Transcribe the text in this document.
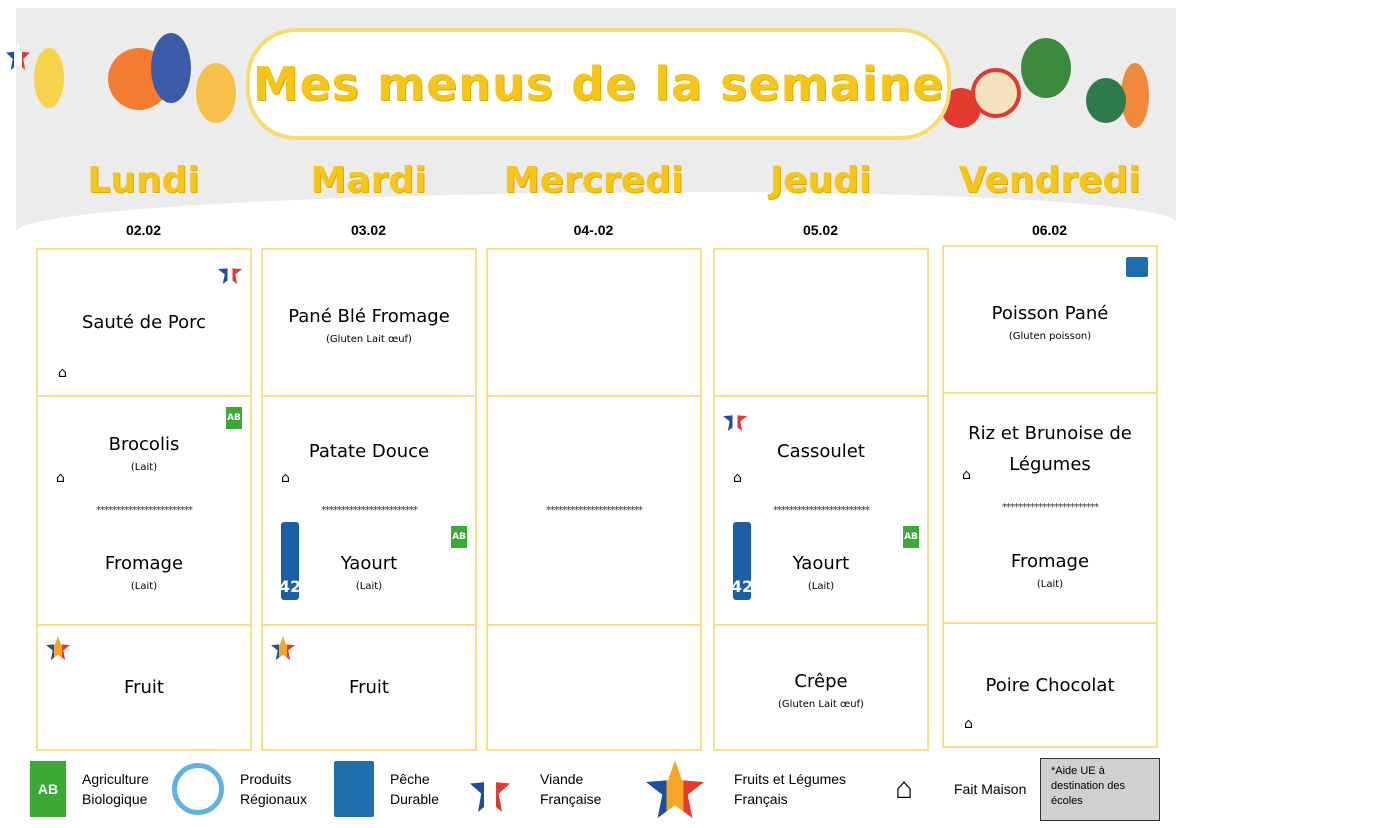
Mes menus de la semaine
Lundi
02.02
Sauté de Porc
⌂
Brocolis
(Lait)
AB
⌂
************************
Fromage
(Lait)
Fruit
Mardi
03.02
Pané Blé Fromage
(Gluten Lait œuf)
Patate Douce
⌂
************************
Yaourt
(Lait)
42
AB
Fruit
Mercredi
04-.02
************************
Jeudi
05.02
Cassoulet
⌂
************************
Yaourt
(Lait)
42
AB
Crêpe
(Gluten Lait œuf)
Vendredi
06.02
Poisson Pané
(Gluten poisson)
Riz et Brunoise de Légumes
⌂
************************
Fromage
(Lait)
Poire Chocolat
⌂
AB
Agriculture Biologique
Produits Régionaux
Pêche Durable
Viande Française
Fruits et Légumes Français	⌂	Fait Maison
*Aide UE à destination des écoles
